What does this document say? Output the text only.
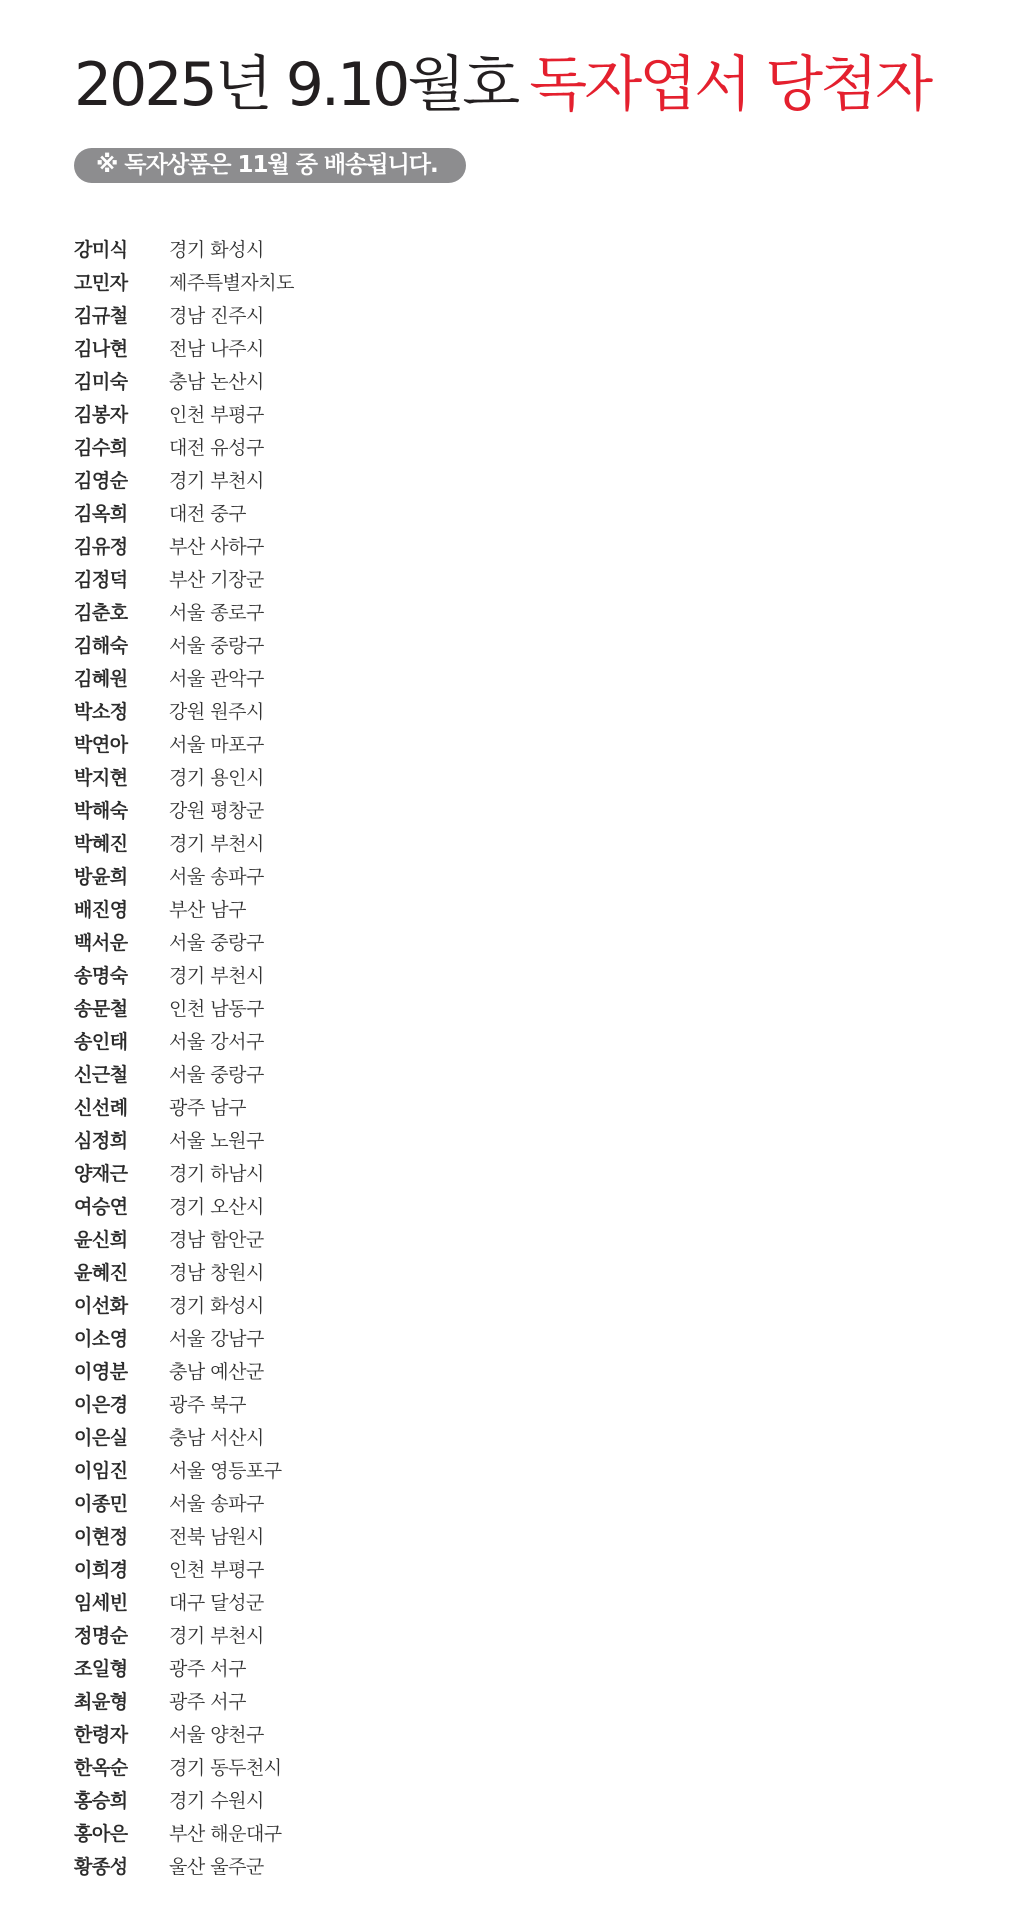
2025년 9.10월호 독자엽서 당첨자
※ 독자상품은 11월 중 배송됩니다.
강미식	경기 화성시
고민자	제주특별자치도
김규철	경남 진주시
김나현	전남 나주시
김미숙	충남 논산시
김봉자	인천 부평구
김수희	대전 유성구
김영순	경기 부천시
김옥희	대전 중구
김유정	부산 사하구
김정덕	부산 기장군
김춘호	서울 종로구
김해숙	서울 중랑구
김혜원	서울 관악구
박소정	강원 원주시
박연아	서울 마포구
박지현	경기 용인시
박해숙	강원 평창군
박혜진	경기 부천시
방윤희	서울 송파구
배진영	부산 남구
백서운	서울 중랑구
송명숙	경기 부천시
송문철	인천 남동구
송인태	서울 강서구
신근철	서울 중랑구
신선례	광주 남구
심정희	서울 노원구
양재근	경기 하남시
여승연	경기 오산시
윤신희	경남 함안군
윤혜진	경남 창원시
이선화	경기 화성시
이소영	서울 강남구
이영분	충남 예산군
이은경	광주 북구
이은실	충남 서산시
이임진	서울 영등포구
이종민	서울 송파구
이현정	전북 남원시
이희경	인천 부평구
임세빈	대구 달성군
정명순	경기 부천시
조일형	광주 서구
최윤형	광주 서구
한령자	서울 양천구
한옥순	경기 동두천시
홍승희	경기 수원시
홍아은	부산 해운대구
황종성	울산 울주군
